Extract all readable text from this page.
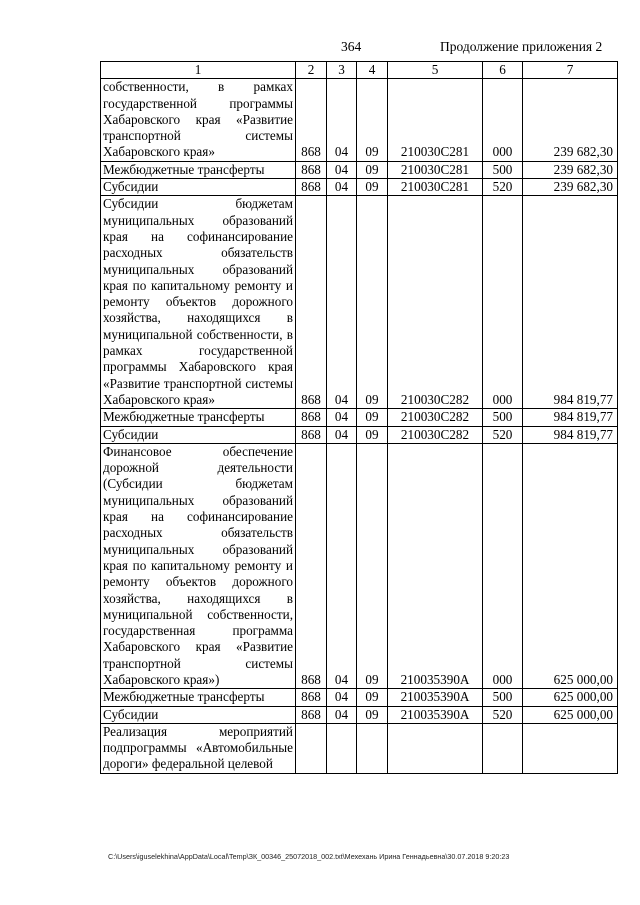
364	Продолжение приложения 2
1	2	3	4	5	6	7
собственности, в рамках государственной программы Хабаровского края «Развитие транспортной системы Хабаровского края»	868	04	09	210030С281	000	239 682,30
Межбюджетные трансферты	868	04	09	210030С281	500	239 682,30
Субсидии	868	04	09	210030С281	520	239 682,30
Субсидии бюджетам муниципальных образований края на софинансирование расходных обязательств муниципальных образований края по капитальному ремонту и ремонту объектов дорожного хозяйства, находящихся в муниципальной собственности, в рамках государственной программы Хабаровского края «Развитие транспортной системы Хабаровского края»	868	04	09	210030С282	000	984 819,77
Межбюджетные трансферты	868	04	09	210030С282	500	984 819,77
Субсидии	868	04	09	210030С282	520	984 819,77
Финансовое обеспечение дорожной деятельности (Субсидии бюджетам муниципальных образований края на софинансирование расходных обязательств муниципальных образований края по капитальному ремонту и ремонту объектов дорожного хозяйства, находящихся в муниципальной собственности, государственная программа Хабаровского края «Развитие транспортной системы Хабаровского края»)	868	04	09	210035390А	000	625 000,00
Межбюджетные трансферты	868	04	09	210035390А	500	625 000,00
Субсидии	868	04	09	210035390А	520	625 000,00
Реализация мероприятий подпрограммы «Автомобильные дороги» федеральной целевой						
C:\Users\iguselekhina\AppData\Local\Temp\ЗК_00346_25072018_002.txt\Мехехань Ирина Геннадьевна\30.07.2018 9:20:23
